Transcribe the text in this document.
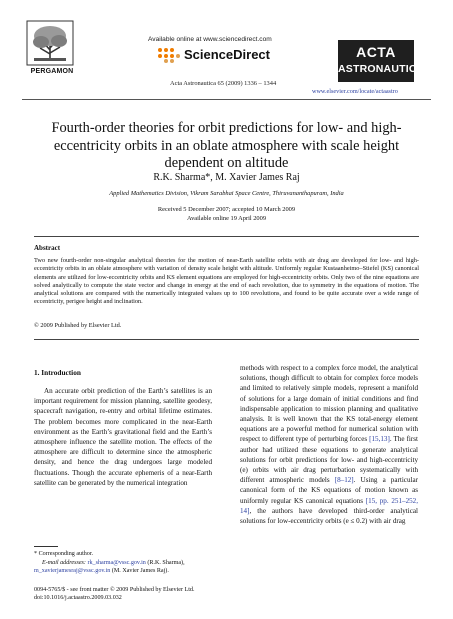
PERGAMON
Available online at www.sciencedirect.com
ScienceDirect
Acta Astronautica 65 (2009) 1336 – 1344
ACTA
ASTRONAUTICA
www.elsevier.com/locate/actaastro
Fourth-order theories for orbit predictions for low- and high-eccentricity orbits in an oblate atmosphere with scale height dependent on altitude
R.K. Sharma*, M. Xavier James Raj
Applied Mathematics Division, Vikram Sarabhai Space Centre, Thiruvananthapuram, India
Received 5 December 2007; accepted 10 March 2009
Available online 19 April 2009
Abstract
Two new fourth-order non-singular analytical theories for the motion of near-Earth satellite orbits with air drag are developed for low- and high-eccentricity orbits in an oblate atmosphere with variation of density scale height with altitude. Uniformly regular Kustaanheimo–Stiefel (KS) canonical elements are utilized for low-eccentricity orbits and KS element equations are employed for high-eccentricity orbits. Only two of the nine equations are solved analytically to compute the state vector and change in energy at the end of each revolution, due to symmetry in the equations of motion. The analytical solutions are compared with the numerically integrated values up to 100 revolutions, and found to be quite accurate over a wide range of eccentricity, perigee height and inclination.
© 2009 Published by Elsevier Ltd.
1. Introduction
An accurate orbit prediction of the Earth’s satellites is an important requirement for mission planning, satellite geodesy, spacecraft navigation, re-entry and orbital lifetime estimates. The problem becomes more complicated in the near-Earth environment as the Earth’s gravitational field and the Earth’s atmosphere influence the satellite motion. The effects of the atmosphere are difficult to determine since the atmospheric density, and hence the drag undergoes large modeled fluctuations. Though the accurate ephemeris of a near-Earth satellite can be generated by the numerical integration
methods with respect to a complex force model, the analytical solutions, though difficult to obtain for complex force models and limited to relatively simple models, represent a manifold of solutions for a large domain of initial conditions and find indispensable application to mission planning and qualitative analysis. It is well known that the KS total-energy element equations are a powerful method for numerical solution with respect to different type of perturbing forces [15,13]. The first author had utilized these equations to generate analytical solutions for orbit predictions for low- and high-eccentricity (e) orbits with air drag perturbation systematically with different atmospheric models [8–12]. Using a particular canonical form of the KS equations of motion known as uniformly regular KS canonical equations [15, pp. 251–252, 14], the authors have developed third-order analytical solutions for low-eccentricity orbits (e ≤ 0.2) with air drag
* Corresponding author.
E-mail addresses: rk_sharma@vssc.gov.in (R.K. Sharma), m_xavierjamesraj@vssc.gov.in (M. Xavier James Raj).
0094-5765/$ - see front matter © 2009 Published by Elsevier Ltd.
doi:10.1016/j.actaastro.2009.03.032
